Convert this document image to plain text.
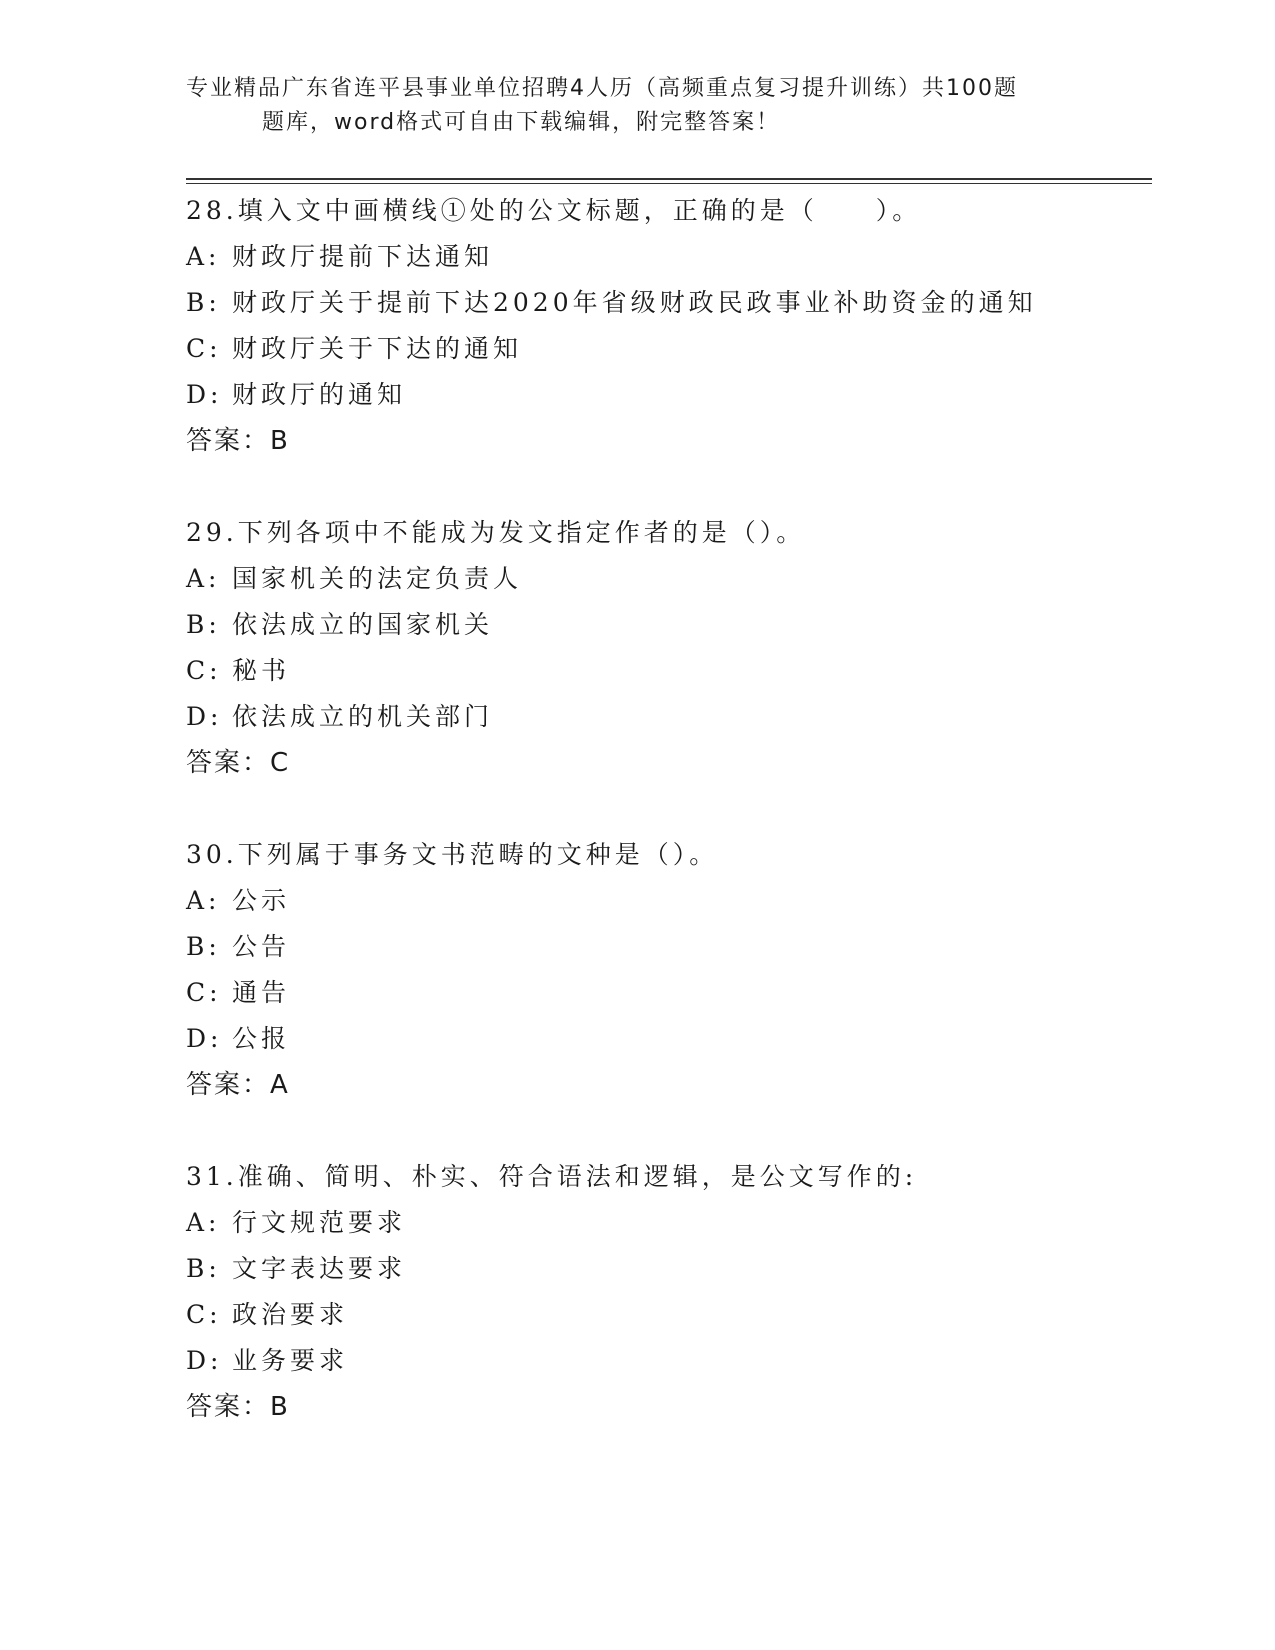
专业精品广东省连平县事业单位招聘4人历（高频重点复习提升训练）共100题
题库，word格式可自由下载编辑，附完整答案！
28.填入文中画横线①处的公文标题，正确的是（　　）。
A: 财政厅提前下达通知
B: 财政厅关于提前下达2020年省级财政民政事业补助资金的通知
C: 财政厅关于下达的通知
D: 财政厅的通知
答案：B
29.下列各项中不能成为发文指定作者的是（）。
A: 国家机关的法定负责人
B: 依法成立的国家机关
C: 秘书
D: 依法成立的机关部门
答案：C
30.下列属于事务文书范畴的文种是（）。
A: 公示
B: 公告
C: 通告
D: 公报
答案：A
31.准确、简明、朴实、符合语法和逻辑，是公文写作的:
A: 行文规范要求
B: 文字表达要求
C: 政治要求
D: 业务要求
答案：B
